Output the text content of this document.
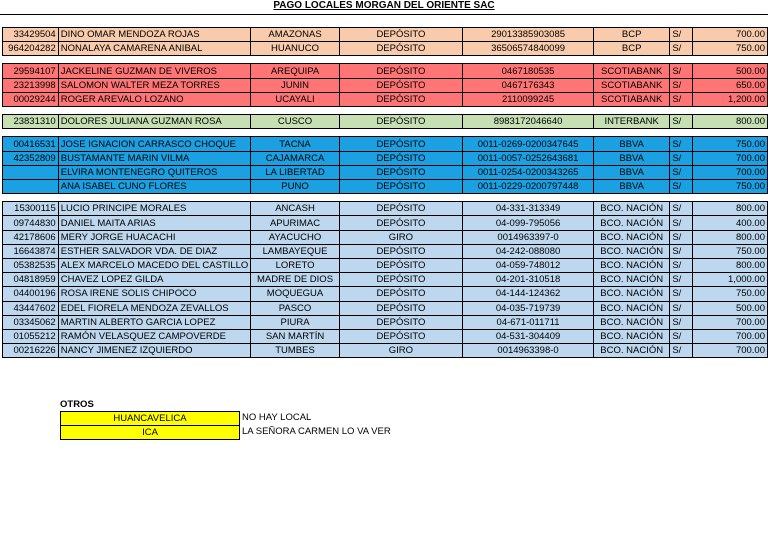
PAGO LOCALES MORGAN DEL ORIENTE SAC

33429504	DINO OMAR MENDOZA ROJAS	AMAZONAS	DEPÓSITO	29013385903085	BCP	S/	700.00
964204282	NONALAYA CAMARENA ANIBAL	HUANUCO	DEPÓSITO	36506574840099	BCP	S/	750.00

29594107	JACKELINE GUZMAN DE VIVEROS	AREQUIPA	DEPÓSITO	0467180535	SCOTIABANK	S/	500.00
23213998	SALOMON WALTER MEZA TORRES	JUNIN	DEPÓSITO	0467176343	SCOTIABANK	S/	650.00
00029244	ROGER AREVALO LOZANO	UCAYALI	DEPÓSITO	2110099245	SCOTIABANK	S/	1,200.00

23831310	DOLORES JULIANA GUZMAN ROSA	CUSCO	DEPÓSITO	8983172046640	INTERBANK	S/	800.00

00416531	JOSE IGNACION CARRASCO CHOQUE	TACNA	DEPÓSITO	0011-0269-0200347645	BBVA	S/	750.00
42352809	BUSTAMANTE MARIN VILMA	CAJAMARCA	DEPÓSITO	0011-0057-0252643681	BBVA	S/	700.00
	ELVIRA MONTENEGRO QUITEROS	LA LIBERTAD	DEPÓSITO	0011-0254-0200343265	BBVA	S/	700.00
	ANA ISABEL CUNO FLORES	PUNO	DEPÓSITO	0011-0229-0200797448	BBVA	S/	750.00

15300115	LUCIO PRINCIPE MORALES	ANCASH	DEPÓSITO	04-331-313349	BCO. NACIÓN	S/	800.00
09744830	DANIEL MAITA ARIAS	APURIMAC	DEPÓSITO	04-099-795056	BCO. NACIÓN	S/	400.00
42178606	MERY JORGE HUACACHI	AYACUCHO	GIRO	0014963397-0	BCO. NACIÓN	S/	800.00
16643874	ESTHER SALVADOR VDA. DE DIAZ	LAMBAYEQUE	DEPÓSITO	04-242-088080	BCO. NACIÓN	S/	750.00
05382535	ALEX MARCELO MACEDO DEL CASTILLO	LORETO	DEPÓSITO	04-059-748012	BCO. NACIÓN	S/	800.00
04818959	CHAVEZ LOPEZ GILDA	MADRE DE DIOS	DEPÓSITO	04-201-310518	BCO. NACIÓN	S/	1,000.00
04400196	ROSA IRENE SOLIS CHIPOCO	MOQUEGUA	DEPÓSITO	04-144-124362	BCO. NACIÓN	S/	750.00
43447602	EDEL FIORELA MENDOZA ZEVALLOS	PASCO	DEPÓSITO	04-035-719739	BCO. NACIÓN	S/	500.00
03345062	MARTIN ALBERTO GARCIA LOPEZ	PIURA	DEPÓSITO	04-671-011711	BCO. NACIÓN	S/	700.00
01055212	RAMÓN VELASQUEZ CAMPOVERDE	SAN MARTÍN	DEPÓSITO	04-531-304409	BCO. NACIÓN	S/	700.00
00216226	NANCY JIMENEZ IZQUIERDO	TUMBES	GIRO	0014963398-0	BCO. NACIÓN	S/	700.00
OTROS
HUANCAVELICA	NO HAY LOCAL
ICA	LA SEÑORA CARMEN LO VA VER
